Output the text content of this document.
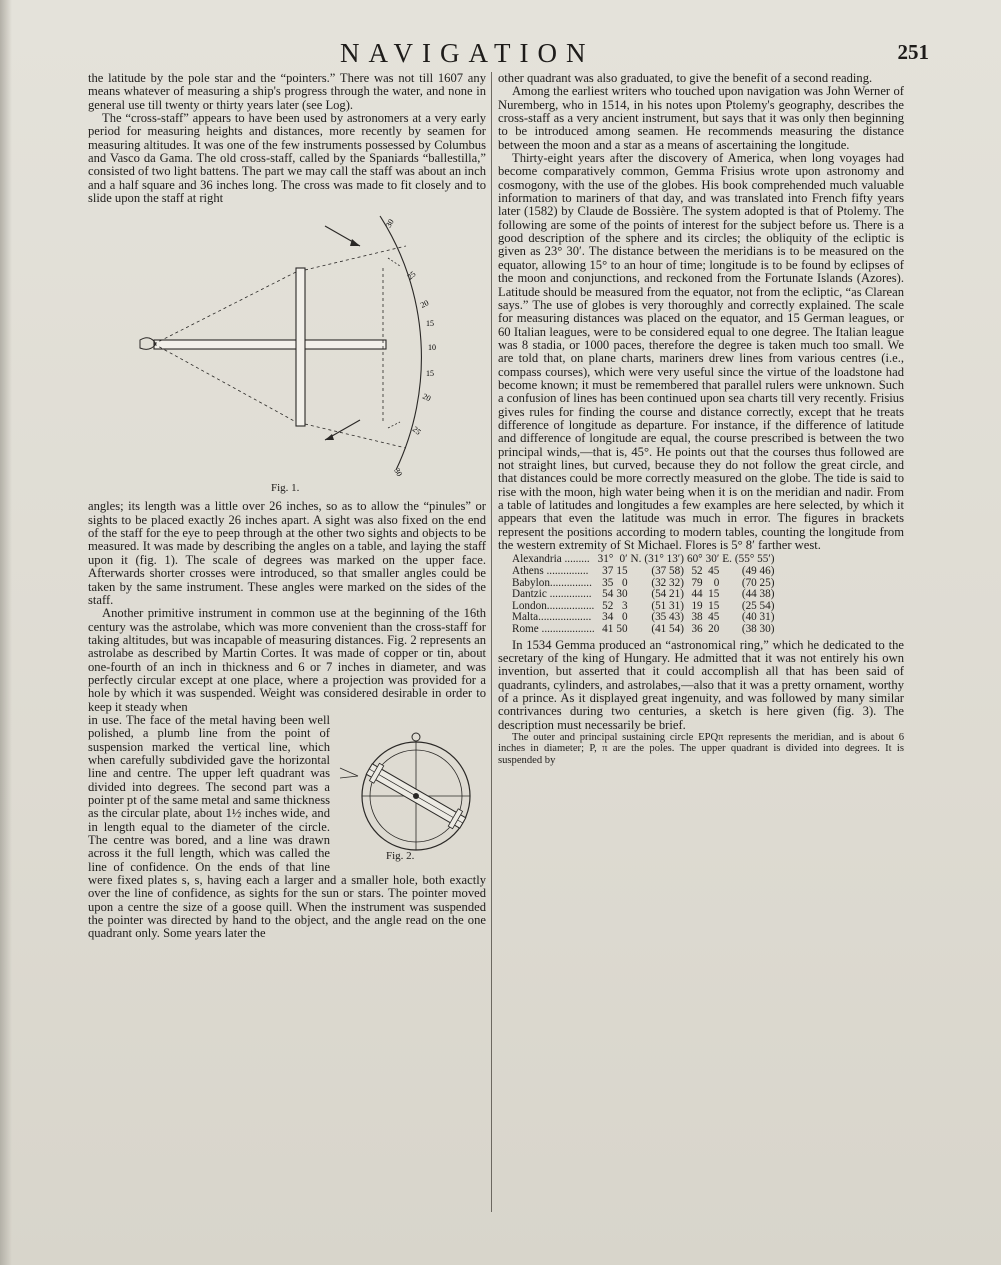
NAVIGATION	251

the latitude by the pole star and the “pointers.” There was not till 1607 any means whatever of measuring a ship's progress through the water, and none in general use till twenty or thirty years later (see Log).

The “cross-staff” appears to have been used by astronomers at a very early period for measuring heights and distances, more recently by seamen for measuring altitudes. It was one of the few instruments possessed by Columbus and Vasco da Gama. The old cross-staff, called by the Spaniards “ballestilla,” consisted of two light battens. The part we may call the staff was about an inch and a half square and 36 inches long. The cross was made to fit closely and to slide upon the staff at right

30
25
20
15
10
15
20
25
30
Fig. 1.

angles; its length was a little over 26 inches, so as to allow the “pinules” or sights to be placed exactly 26 inches apart. A sight was also fixed on the end of the staff for the eye to peep through at the other two sights and objects to be measured. It was made by describing the angles on a table, and laying the staff upon it (fig. 1). The scale of degrees was marked on the upper face. Afterwards shorter crosses were introduced, so that smaller angles could be taken by the same instrument. These angles were marked on the sides of the staff.

Another primitive instrument in common use at the beginning of the 16th century was the astrolabe, which was more convenient than the cross-staff for taking altitudes, but was incapable of measuring distances. Fig. 2 represents an astrolabe as described by Martin Cortes. It was made of copper or tin, about one-fourth of an inch in thickness and 6 or 7 inches in diameter, and was perfectly circular except at one place, where a projection was provided for a hole by which it was suspended. Weight was considered desirable in order to keep it steady when

Fig. 2.

in use. The face of the metal having been well polished, a plumb line from the point of suspension marked the vertical line, which when carefully subdivided gave the horizontal line and centre. The upper left quadrant was divided into degrees. The second part was a pointer pt of the same metal and same thickness as the circular plate, about 1½ inches wide, and in length equal to the diameter of the circle. The centre was bored, and a line was drawn across it the full length, which was called the line of confidence. On the ends of that line were fixed plates s, s, having each a larger and a smaller hole, both exactly over the line of confidence, as sights for the sun or stars. The pointer moved upon a centre the size of a goose quill. When the instrument was suspended the pointer was directed by hand to the object, and the angle read on the one quadrant only. Some years later the

other quadrant was also graduated, to give the benefit of a second reading.

Among the earliest writers who touched upon navigation was John Werner of Nuremberg, who in 1514, in his notes upon Ptolemy's geography, describes the cross-staff as a very ancient instrument, but says that it was only then beginning to be introduced among seamen. He recommends measuring the distance between the moon and a star as a means of ascertaining the longitude.

Thirty-eight years after the discovery of America, when long voyages had become comparatively common, Gemma Frisius wrote upon astronomy and cosmogony, with the use of the globes. His book comprehended much valuable information to mariners of that day, and was translated into French fifty years later (1582) by Claude de Bossière. The system adopted is that of Ptolemy. The following are some of the points of interest for the subject before us. There is a good description of the sphere and its circles; the obliquity of the ecliptic is given as 23° 30′. The distance between the meridians is to be measured on the equator, allowing 15° to an hour of time; longitude is to be found by eclipses of the moon and conjunctions, and reckoned from the Fortunate Islands (Azores). Latitude should be measured from the equator, not from the ecliptic, “as Clarean says.” The use of globes is very thoroughly and correctly explained. The scale for measuring distances was placed on the equator, and 15 German leagues, or 60 Italian leagues, were to be considered equal to one degree. The Italian league was 8 stadia, or 1000 paces, therefore the degree is taken much too small. We are told that, on plane charts, mariners drew lines from various centres (i.e., compass courses), which were very useful since the virtue of the loadstone had become known; it must be remembered that parallel rulers were unknown. Such a confusion of lines has been continued upon sea charts till very recently. Frisius gives rules for finding the course and distance correctly, except that he treats difference of longitude as departure. For instance, if the difference of latitude and difference of longitude are equal, the course prescribed is between the two principal winds,—that is, 45°. He points out that the courses thus followed are not straight lines, but curved, because they do not follow the great circle, and that distances could be more correctly measured on the globe. The tide is said to rise with the moon, high water being when it is on the meridian and nadir. From a table of latitudes and longitudes a few examples are here selected, by which it appears that even the latitude was much in error. The figures in brackets represent the positions according to modern tables, counting the longitude from the western extremity of St Michael. Flores is 5° 8′ farther west.

Alexandria .........	31°	0′	N.	(31° 13′)	60°	30′	E.	(55° 55′)
Athens ...............	37	15		(37 58)	52	45		(49 46)
Babylon...............	35	0		(32 32)	79	0		(70 25)
Dantzic ...............	54	30		(54 21)	44	15		(44 38)
London.................	52	3		(51 31)	19	15		(25 54)
Malta...................	34	0		(35 43)	38	45		(40 31)
Rome ...................	41	50		(41 54)	36	20		(38 30)

In 1534 Gemma produced an “astronomical ring,” which he dedicated to the secretary of the king of Hungary. He admitted that it was not entirely his own invention, but asserted that it could accomplish all that has been said of quadrants, cylinders, and astrolabes,—also that it was a pretty ornament, worthy of a prince. As it displayed great ingenuity, and was followed by many similar contrivances during two centuries, a sketch is here given (fig. 3). The description must necessarily be brief.

The outer and principal sustaining circle EPQπ represents the meridian, and is about 6 inches in diameter; P, π are the poles. The upper quadrant is divided into degrees. It is suspended by
